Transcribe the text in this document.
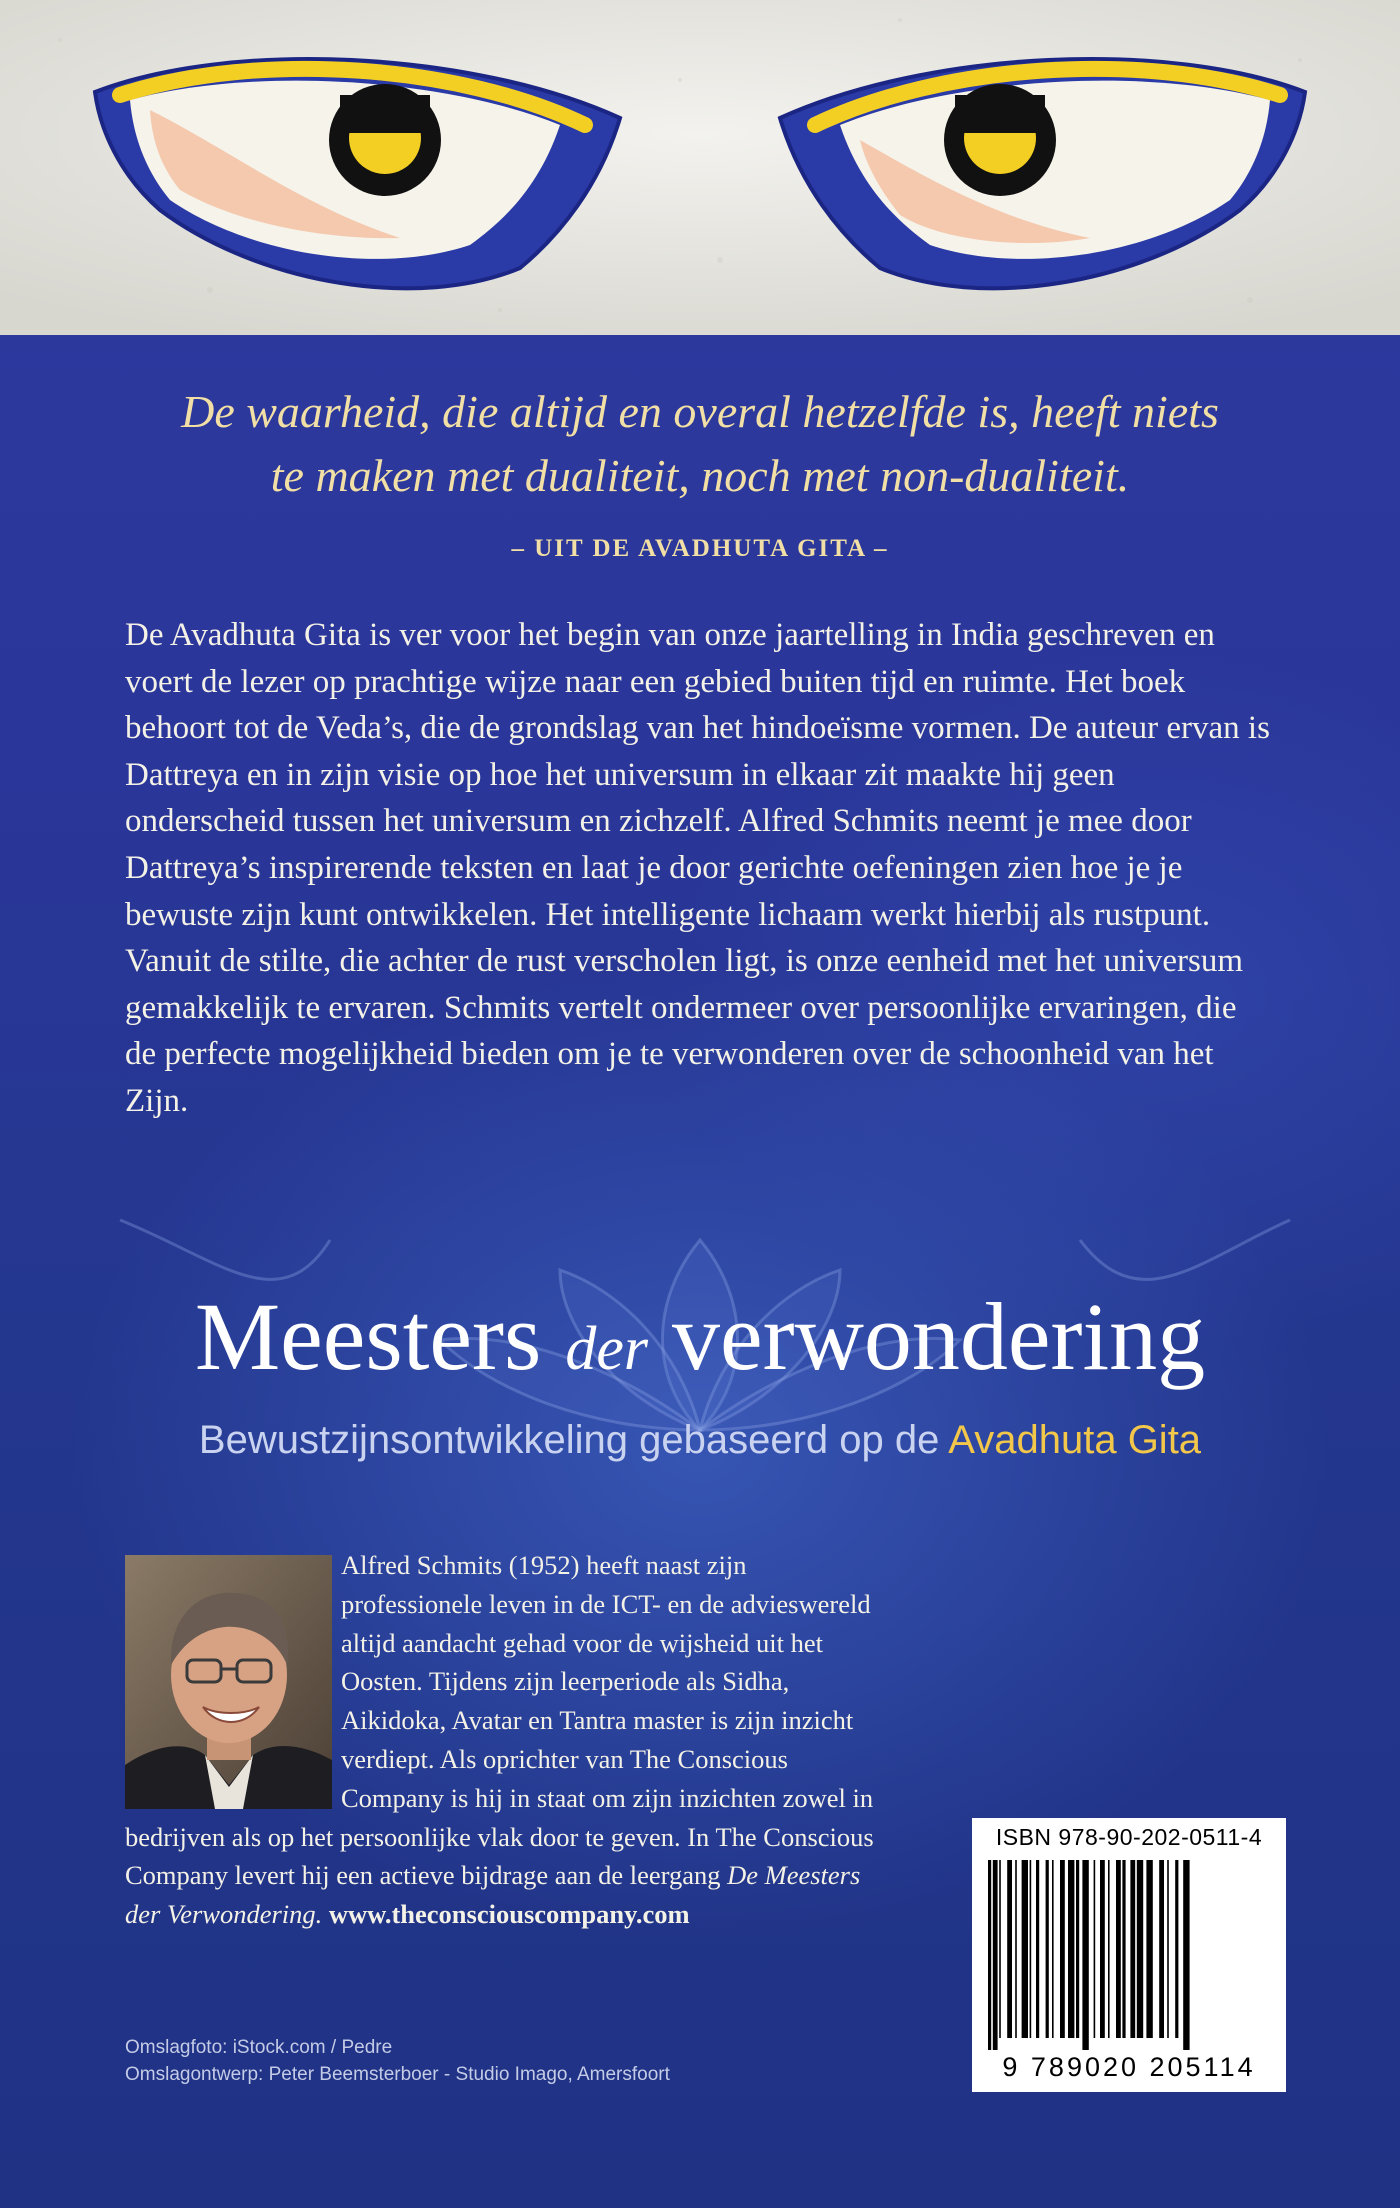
De waarheid, die altijd en overal hetzelfde is, heeft niets
te maken met dualiteit, noch met non-dualiteit.
– UIT DE AVADHUTA GITA –
De Avadhuta Gita is ver voor het begin van onze jaartelling in India geschreven en voert de lezer op prachtige wijze naar een gebied buiten tijd en ruimte. Het boek behoort tot de Veda’s, die de grondslag van het hindoeïsme vormen. De auteur ervan is Dattreya en in zijn visie op hoe het universum in elkaar zit maakte hij geen onderscheid tussen het universum en zichzelf. Alfred Schmits neemt je mee door Dattreya’s inspirerende teksten en laat je door gerichte oefeningen zien hoe je je bewuste zijn kunt ontwikkelen. Het intelligente lichaam werkt hierbij als rustpunt. Vanuit de stilte, die achter de rust verscholen ligt, is onze eenheid met het universum gemakkelijk te ervaren. Schmits vertelt ondermeer over persoonlijke ervaringen, die de perfecte mogelijkheid bieden om je te verwonderen over de schoonheid van het Zijn.
Meesters der verwondering
Bewustzijnsontwikkeling gebaseerd op de Avadhuta Gita
Alfred Schmits (1952) heeft naast zijn professionele leven in de ICT- en de advieswereld altijd aandacht gehad voor de wijsheid uit het Oosten. Tijdens zijn leerperiode als Sidha, Aikidoka, Avatar en Tantra master is zijn inzicht verdiept. Als oprichter van The Conscious Company is hij in staat om zijn inzichten zowel in bedrijven als op het persoonlijke vlak door te geven. In The Conscious Company levert hij een actieve bijdrage aan de leergang De Meesters der Verwondering. www.theconsciouscompany.com
Omslagfoto: iStock.com / Pedre
Omslagontwerp: Peter Beemsterboer - Studio Imago, Amersfoort
ISBN 978-90-202-0511-4
9 789020 205114
